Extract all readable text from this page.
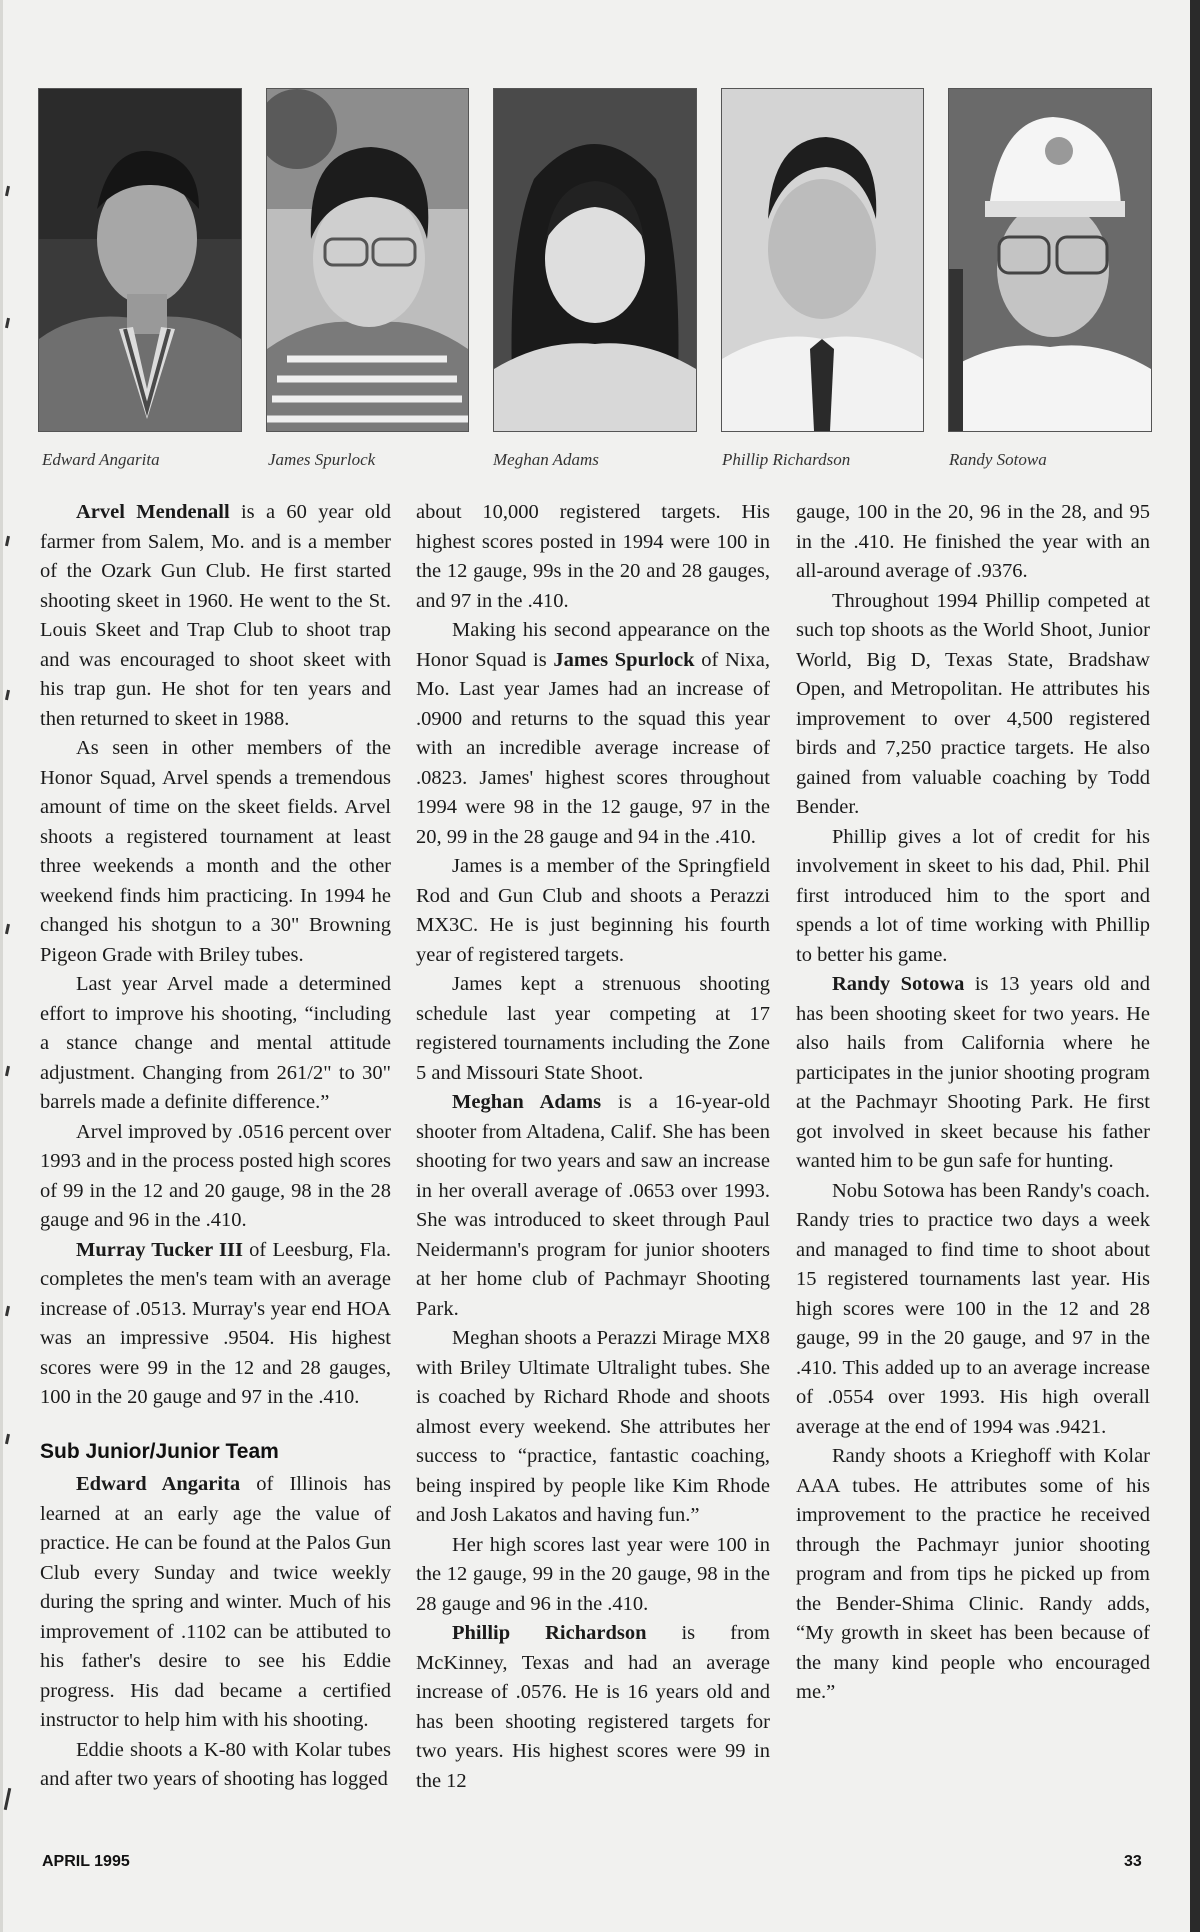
Edward Angarita	James Spurlock	Meghan Adams	Phillip Richardson	Randy Sotowa

Arvel Mendenall is a 60 year old farmer from Salem, Mo. and is a member of the Ozark Gun Club. He first started shooting skeet in 1960. He went to the St. Louis Skeet and Trap Club to shoot trap and was encouraged to shoot skeet with his trap gun. He shot for ten years and then returned to skeet in 1988.

As seen in other members of the Honor Squad, Arvel spends a tremendous amount of time on the skeet fields. Arvel shoots a registered tournament at least three weekends a month and the other weekend finds him practicing. In 1994 he changed his shotgun to a 30" Browning Pigeon Grade with Briley tubes.

Last year Arvel made a determined effort to improve his shooting, “including a stance change and mental attitude adjustment. Changing from 261/2" to 30" barrels made a definite difference.”

Arvel improved by .0516 percent over 1993 and in the process posted high scores of 99 in the 12 and 20 gauge, 98 in the 28 gauge and 96 in the .410.

Murray Tucker III of Leesburg, Fla. completes the men's team with an average increase of .0513. Murray's year end HOA was an impressive .9504. His highest scores were 99 in the 12 and 28 gauges, 100 in the 20 gauge and 97 in the .410.

Sub Junior/Junior Team

Edward Angarita of Illinois has learned at an early age the value of practice. He can be found at the Palos Gun Club every Sunday and twice weekly during the spring and winter. Much of his improvement of .1102 can be attibuted to his father's desire to see his Eddie progress. His dad became a certified instructor to help him with his shooting.

Eddie shoots a K-80 with Kolar tubes and after two years of shooting has logged

about 10,000 registered targets. His highest scores posted in 1994 were 100 in the 12 gauge, 99s in the 20 and 28 gauges, and 97 in the .410.

Making his second appearance on the Honor Squad is James Spurlock of Nixa, Mo. Last year James had an increase of .0900 and returns to the squad this year with an incredible average increase of .0823. James' highest scores throughout 1994 were 98 in the 12 gauge, 97 in the 20, 99 in the 28 gauge and 94 in the .410.

James is a member of the Springfield Rod and Gun Club and shoots a Perazzi MX3C. He is just beginning his fourth year of registered targets.

James kept a strenuous shooting schedule last year competing at 17 registered tournaments including the Zone 5 and Missouri State Shoot.

Meghan Adams is a 16-year-old shooter from Altadena, Calif. She has been shooting for two years and saw an increase in her overall average of .0653 over 1993. She was introduced to skeet through Paul Neidermann's program for junior shooters at her home club of Pachmayr Shooting Park.

Meghan shoots a Perazzi Mirage MX8 with Briley Ultimate Ultralight tubes. She is coached by Richard Rhode and shoots almost every weekend. She attributes her success to “practice, fantastic coaching, being inspired by people like Kim Rhode and Josh Lakatos and having fun.”

Her high scores last year were 100 in the 12 gauge, 99 in the 20 gauge, 98 in the 28 gauge and 96 in the .410.

Phillip Richardson is from McKinney, Texas and had an average increase of .0576. He is 16 years old and has been shooting registered targets for two years. His highest scores were 99 in the 12

gauge, 100 in the 20, 96 in the 28, and 95 in the .410. He finished the year with an all-around average of .9376.

Throughout 1994 Phillip competed at such top shoots as the World Shoot, Junior World, Big D, Texas State, Bradshaw Open, and Metropolitan. He attributes his improvement to over 4,500 registered birds and 7,250 practice targets. He also gained from valuable coaching by Todd Bender.

Phillip gives a lot of credit for his involvement in skeet to his dad, Phil. Phil first introduced him to the sport and spends a lot of time working with Phillip to better his game.

Randy Sotowa is 13 years old and has been shooting skeet for two years. He also hails from California where he participates in the junior shooting program at the Pachmayr Shooting Park. He first got involved in skeet because his father wanted him to be gun safe for hunting.

Nobu Sotowa has been Randy's coach. Randy tries to practice two days a week and managed to find time to shoot about 15 registered tournaments last year. His high scores were 100 in the 12 and 28 gauge, 99 in the 20 gauge, and 97 in the .410. This added up to an average increase of .0554 over 1993. His high overall average at the end of 1994 was .9421.

Randy shoots a Krieghoff with Kolar AAA tubes. He attributes some of his improvement to the practice he received through the Pachmayr junior shooting program and from tips he picked up from the Bender-Shima Clinic. Randy adds, “My growth in skeet has been because of the many kind people who encouraged me.”

APRIL 1995	33
